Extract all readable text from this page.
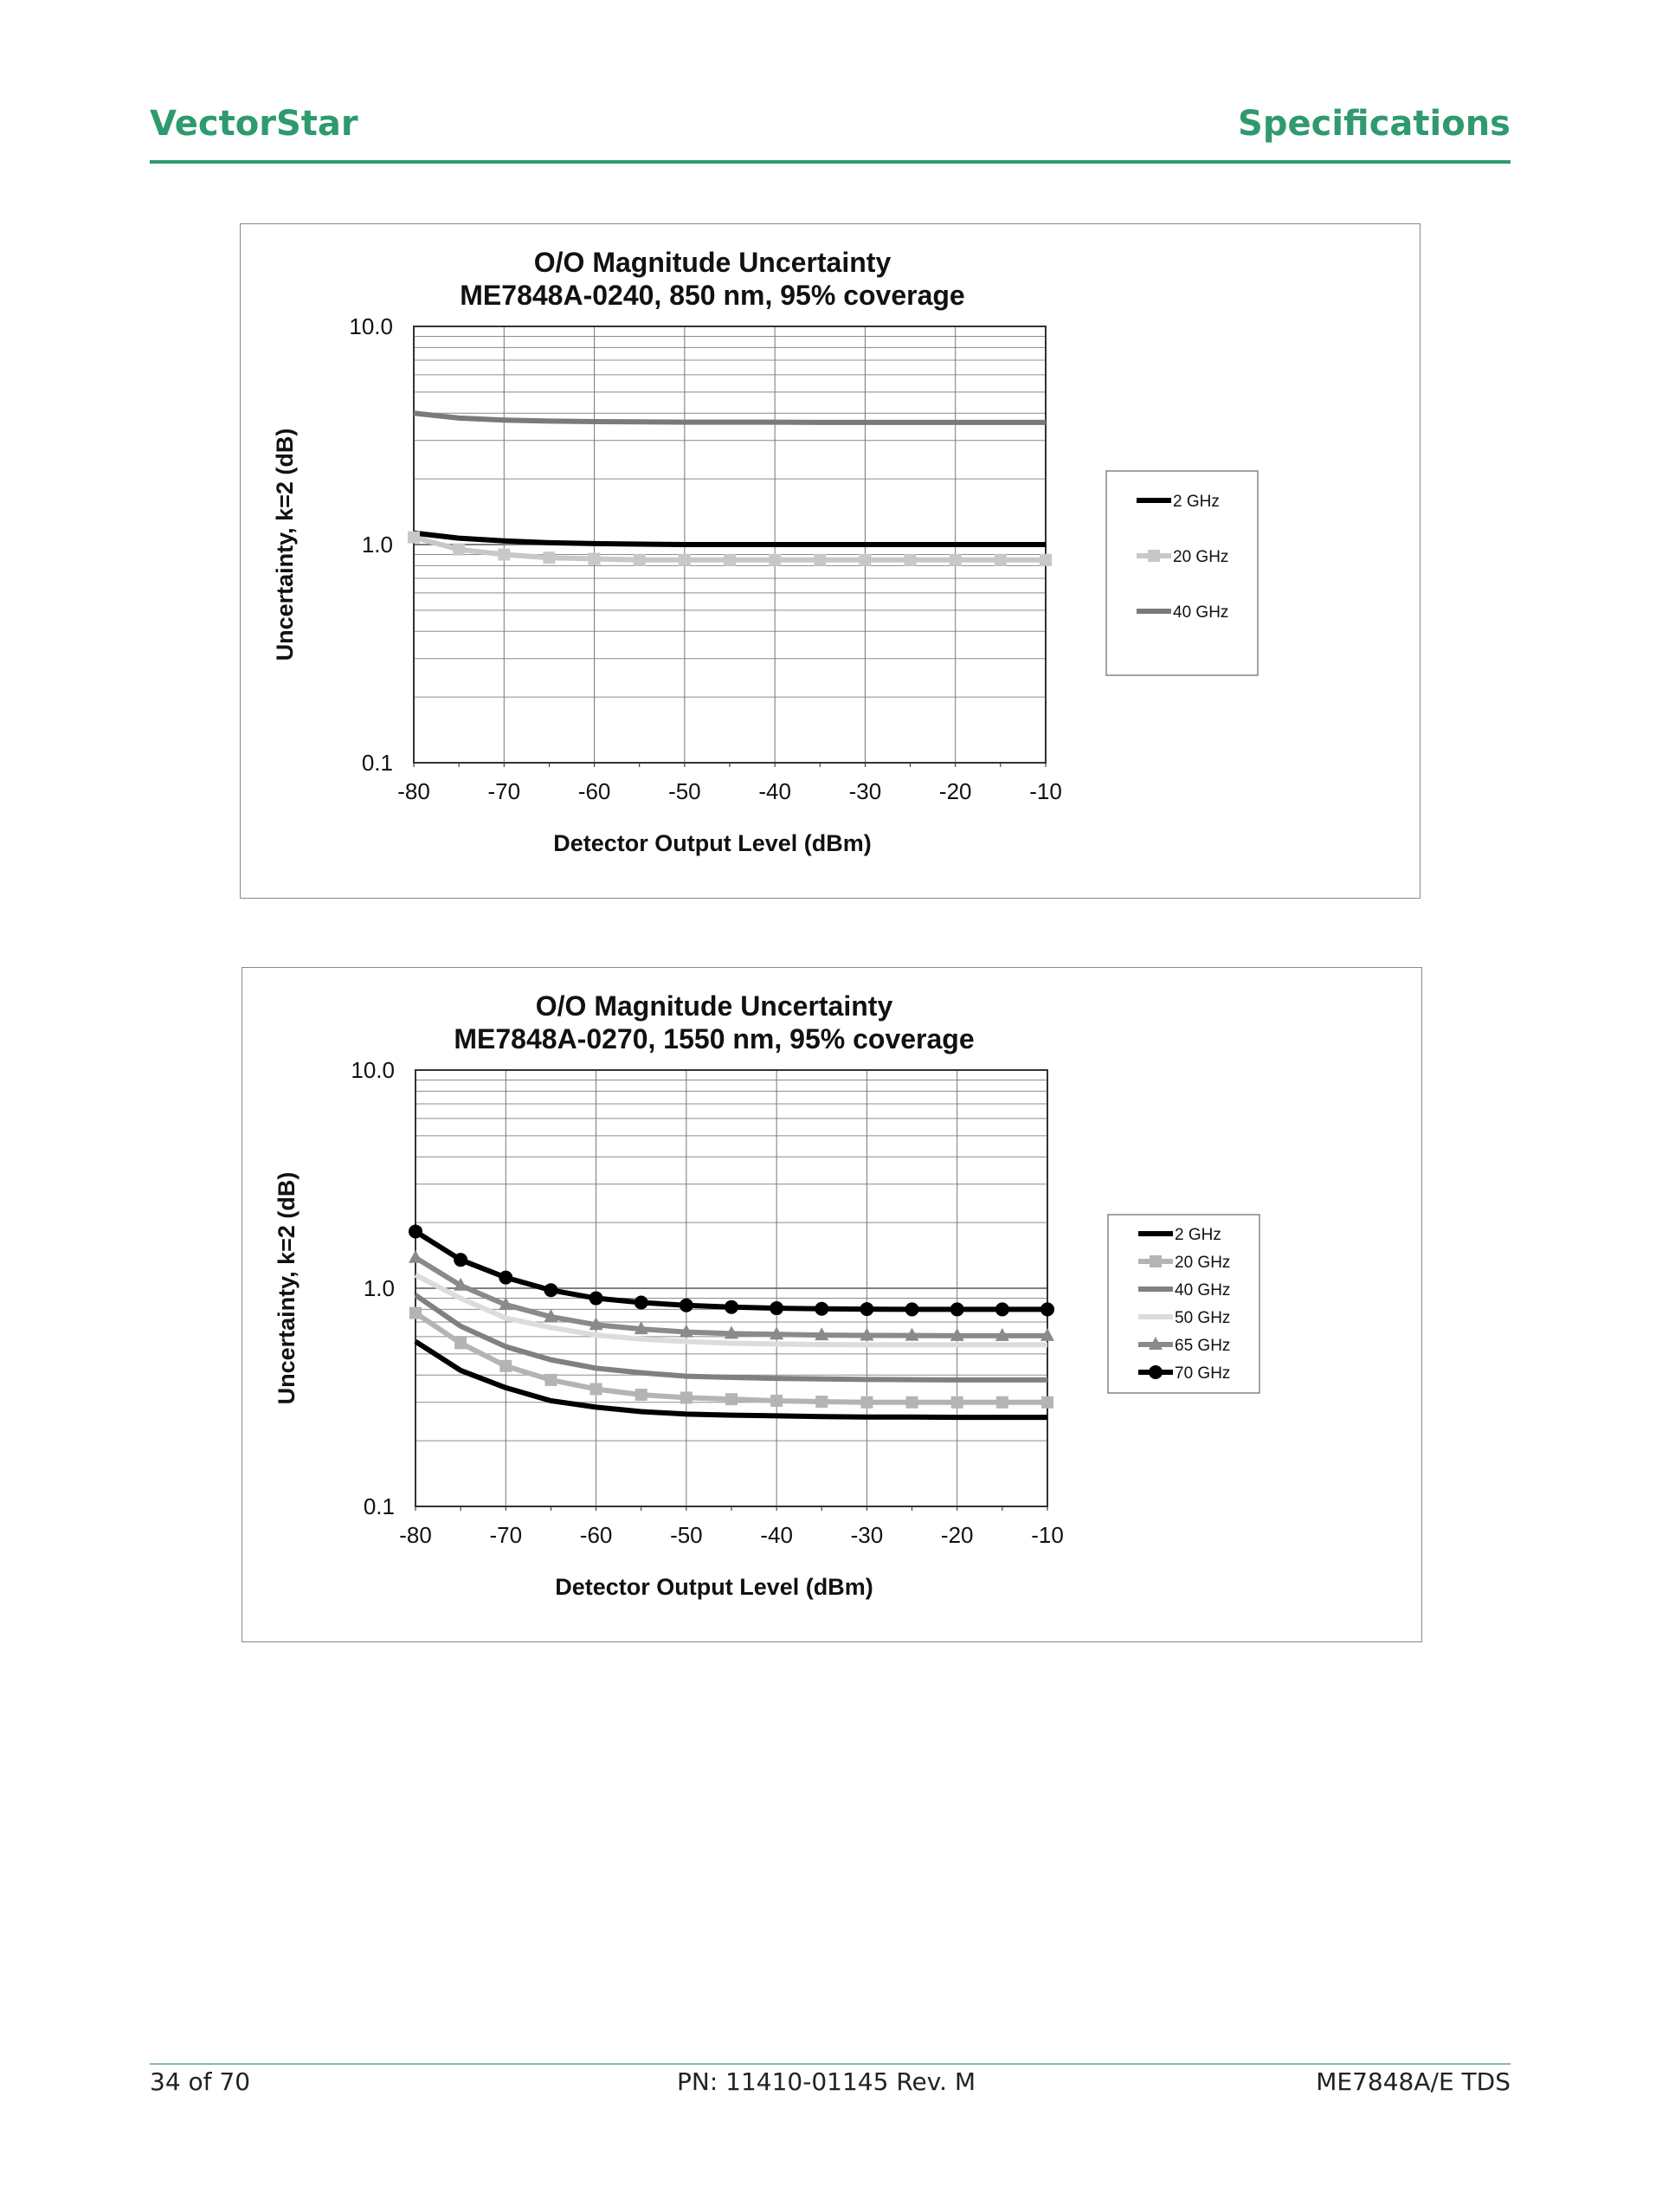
VectorStar	Specifications
O/O Magnitude Uncertainty
ME7848A-0240, 850 nm, 95% coverage
-80	-70	-60	-50	-40	-30	-20	-10
0.1
1.0
10.0
Detector Output Level (dBm)
Uncertainty, k=2 (dB)	2 GHz
20 GHz
40 GHz
O/O Magnitude Uncertainty
ME7848A-0270, 1550 nm, 95% coverage
-80	-70	-60	-50	-40	-30	-20	-10
0.1
1.0
10.0
Detector Output Level (dBm)
Uncertainty, k=2 (dB)	2 GHz
20 GHz
40 GHz
50 GHz
65 GHz
70 GHz
34 of 70	PN: 11410-01145 Rev. M	ME7848A/E TDS
